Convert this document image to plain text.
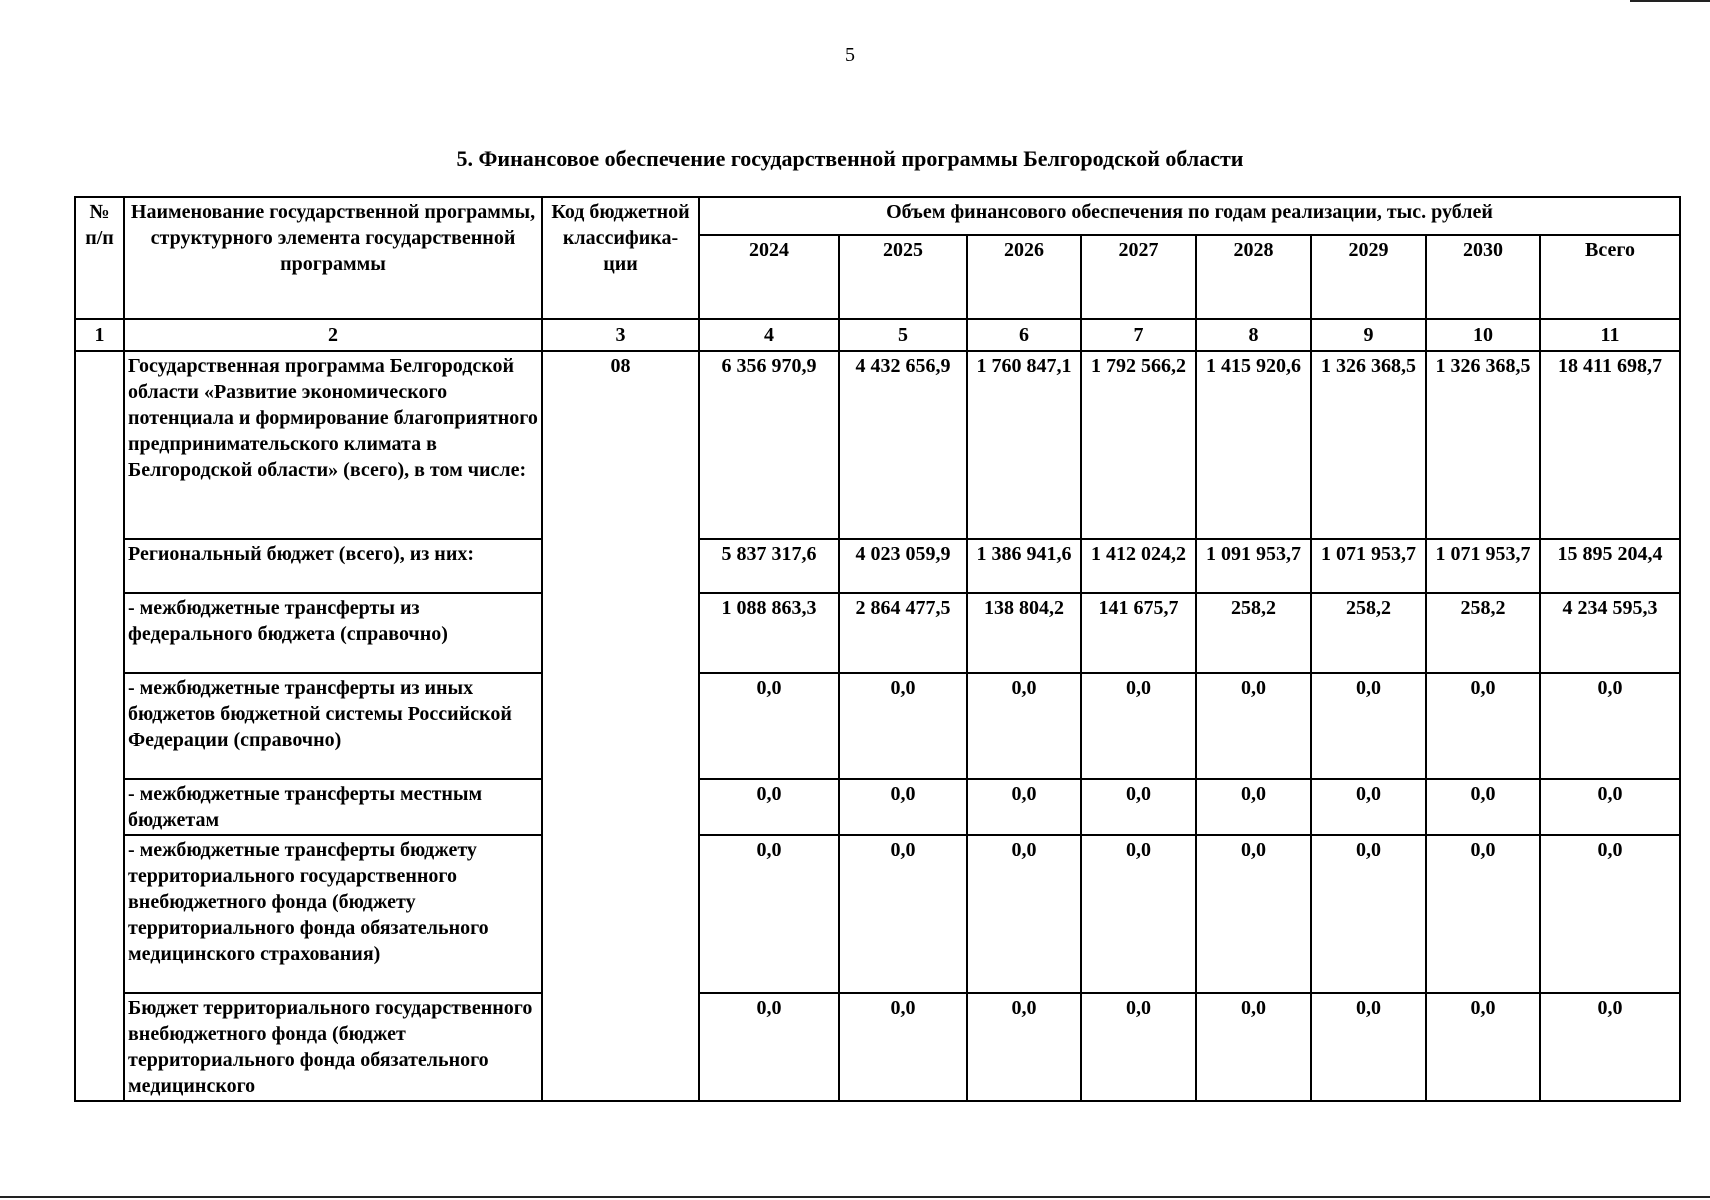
5
5. Финансовое обеспечение государственной программы Белгородской области
№ п/п	Наименование государственной программы, структурного элемента государственной программы	Код бюджетной классифика-ции	Объем финансового обеспечения по годам реализации, тыс. рублей							
			2024	2025	2026	2027	2028	2029	2030	Всего
1	2	3	4	5	6	7	8	9	10	11
	Государственная программа Белгородской области «Развитие экономического потенциала и формирование благоприятного предпринимательского климата в Белгородской области» (всего), в том числе:	08	6 356 970,9	4 432 656,9	1 760 847,1	1 792 566,2	1 415 920,6	1 326 368,5	1 326 368,5	18 411 698,7
	Региональный бюджет (всего), из них:		5 837 317,6	4 023 059,9	1 386 941,6	1 412 024,2	1 091 953,7	1 071 953,7	1 071 953,7	15 895 204,4
	- межбюджетные трансферты из федерального бюджета (справочно)		1 088 863,3	2 864 477,5	138 804,2	141 675,7	258,2	258,2	258,2	4 234 595,3
	- межбюджетные трансферты из иных бюджетов бюджетной системы Российской Федерации (справочно)		0,0	0,0	0,0	0,0	0,0	0,0	0,0	0,0
	- межбюджетные трансферты местным бюджетам		0,0	0,0	0,0	0,0	0,0	0,0	0,0	0,0
	- межбюджетные трансферты бюджету территориального государственного внебюджетного фонда (бюджету территориального фонда обязательного медицинского страхования)		0,0	0,0	0,0	0,0	0,0	0,0	0,0	0,0
	Бюджет территориального государственного внебюджетного фонда (бюджет территориального фонда обязательного медицинского		0,0	0,0	0,0	0,0	0,0	0,0	0,0	0,0
